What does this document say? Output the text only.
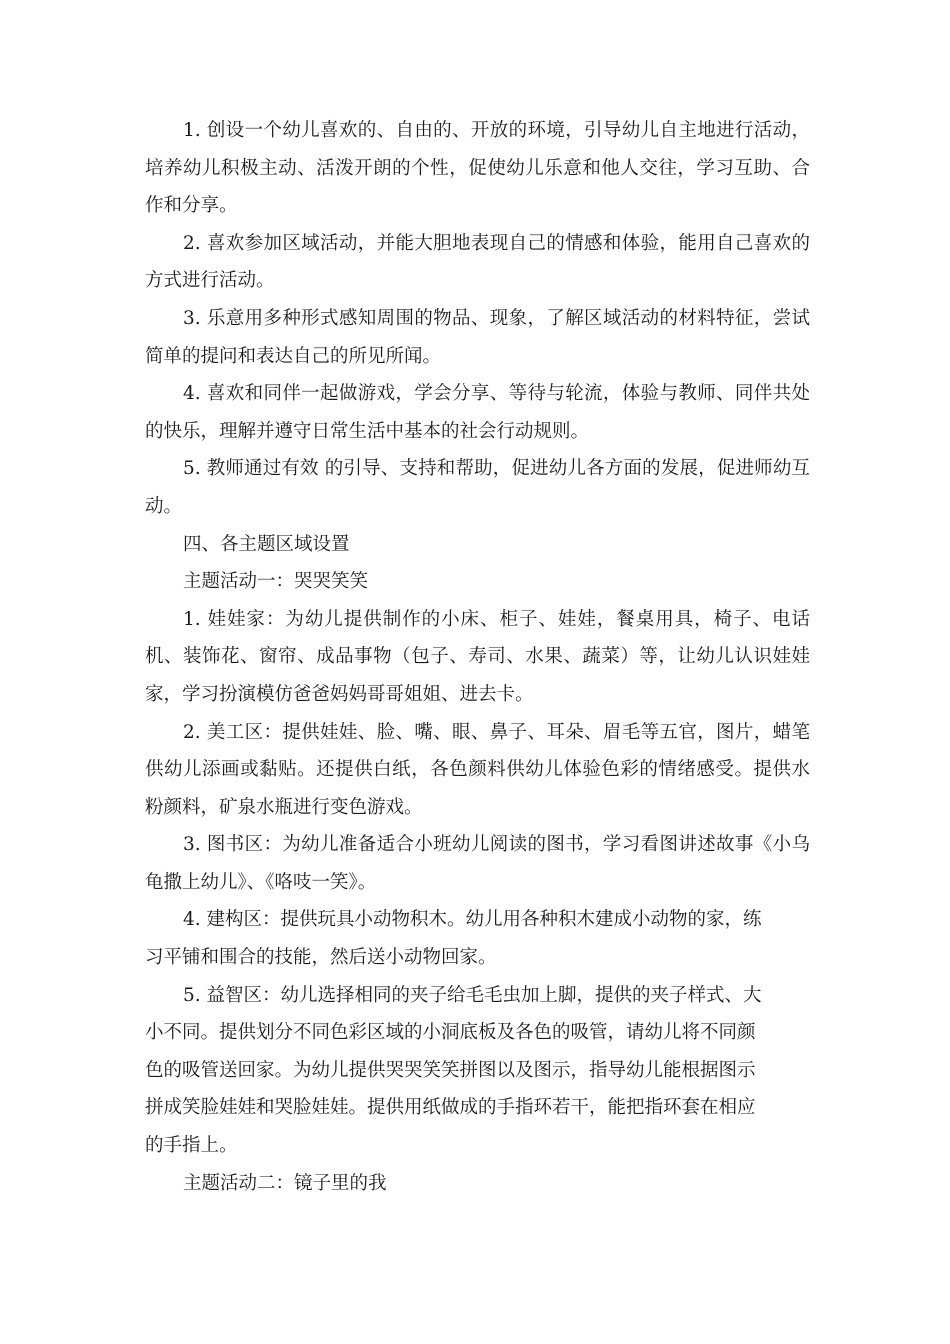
1. 创设一个幼儿喜欢的、自由的、开放的环境，引导幼儿自主地进行活动，培养幼儿积极主动、活泼开朗的个性，促使幼儿乐意和他人交往，学习互助、合作和分享。

2. 喜欢参加区域活动，并能大胆地表现自己的情感和体验，能用自己喜欢的方式进行活动。

3. 乐意用多种形式感知周围的物品、现象，了解区域活动的材料特征，尝试简单的提问和表达自己的所见所闻。

4. 喜欢和同伴一起做游戏，学会分享、等待与轮流，体验与教师、同伴共处的快乐，理解并遵守日常生活中基本的社会行动规则。

5. 教师通过有效 的引导、支持和帮助，促进幼儿各方面的发展，促进师幼互动。

四、各主题区域设置

主题活动一：哭哭笑笑

1. 娃娃家：为幼儿提供制作的小床、柜子、娃娃，餐桌用具，椅子、电话机、装饰花、窗帘、成品事物（包子、寿司、水果、蔬菜）等，让幼儿认识娃娃家，学习扮演模仿爸爸妈妈哥哥姐姐、进去卡。

2. 美工区：提供娃娃、脸、嘴、眼、鼻子、耳朵、眉毛等五官，图片，蜡笔供幼儿添画或黏贴。还提供白纸，各色颜料供幼儿体验色彩的情绪感受。提供水粉颜料，矿泉水瓶进行变色游戏。

3. 图书区：为幼儿准备适合小班幼儿阅读的图书，学习看图讲述故事《小乌龟撒上幼儿》、《咯吱一笑》。

4. 建构区：提供玩具小动物积木。幼儿用各种积木建成小动物的家，练
习平铺和围合的技能，然后送小动物回家。
5. 益智区：幼儿选择相同的夹子给毛毛虫加上脚，提供的夹子样式、大
小不同。提供划分不同色彩区域的小洞底板及各色的吸管，请幼儿将不同颜
色的吸管送回家。为幼儿提供哭哭笑笑拼图以及图示，指导幼儿能根据图示
拼成笑脸娃娃和哭脸娃娃。提供用纸做成的手指环若干，能把指环套在相应
的手指上。

主题活动二：镜子里的我
